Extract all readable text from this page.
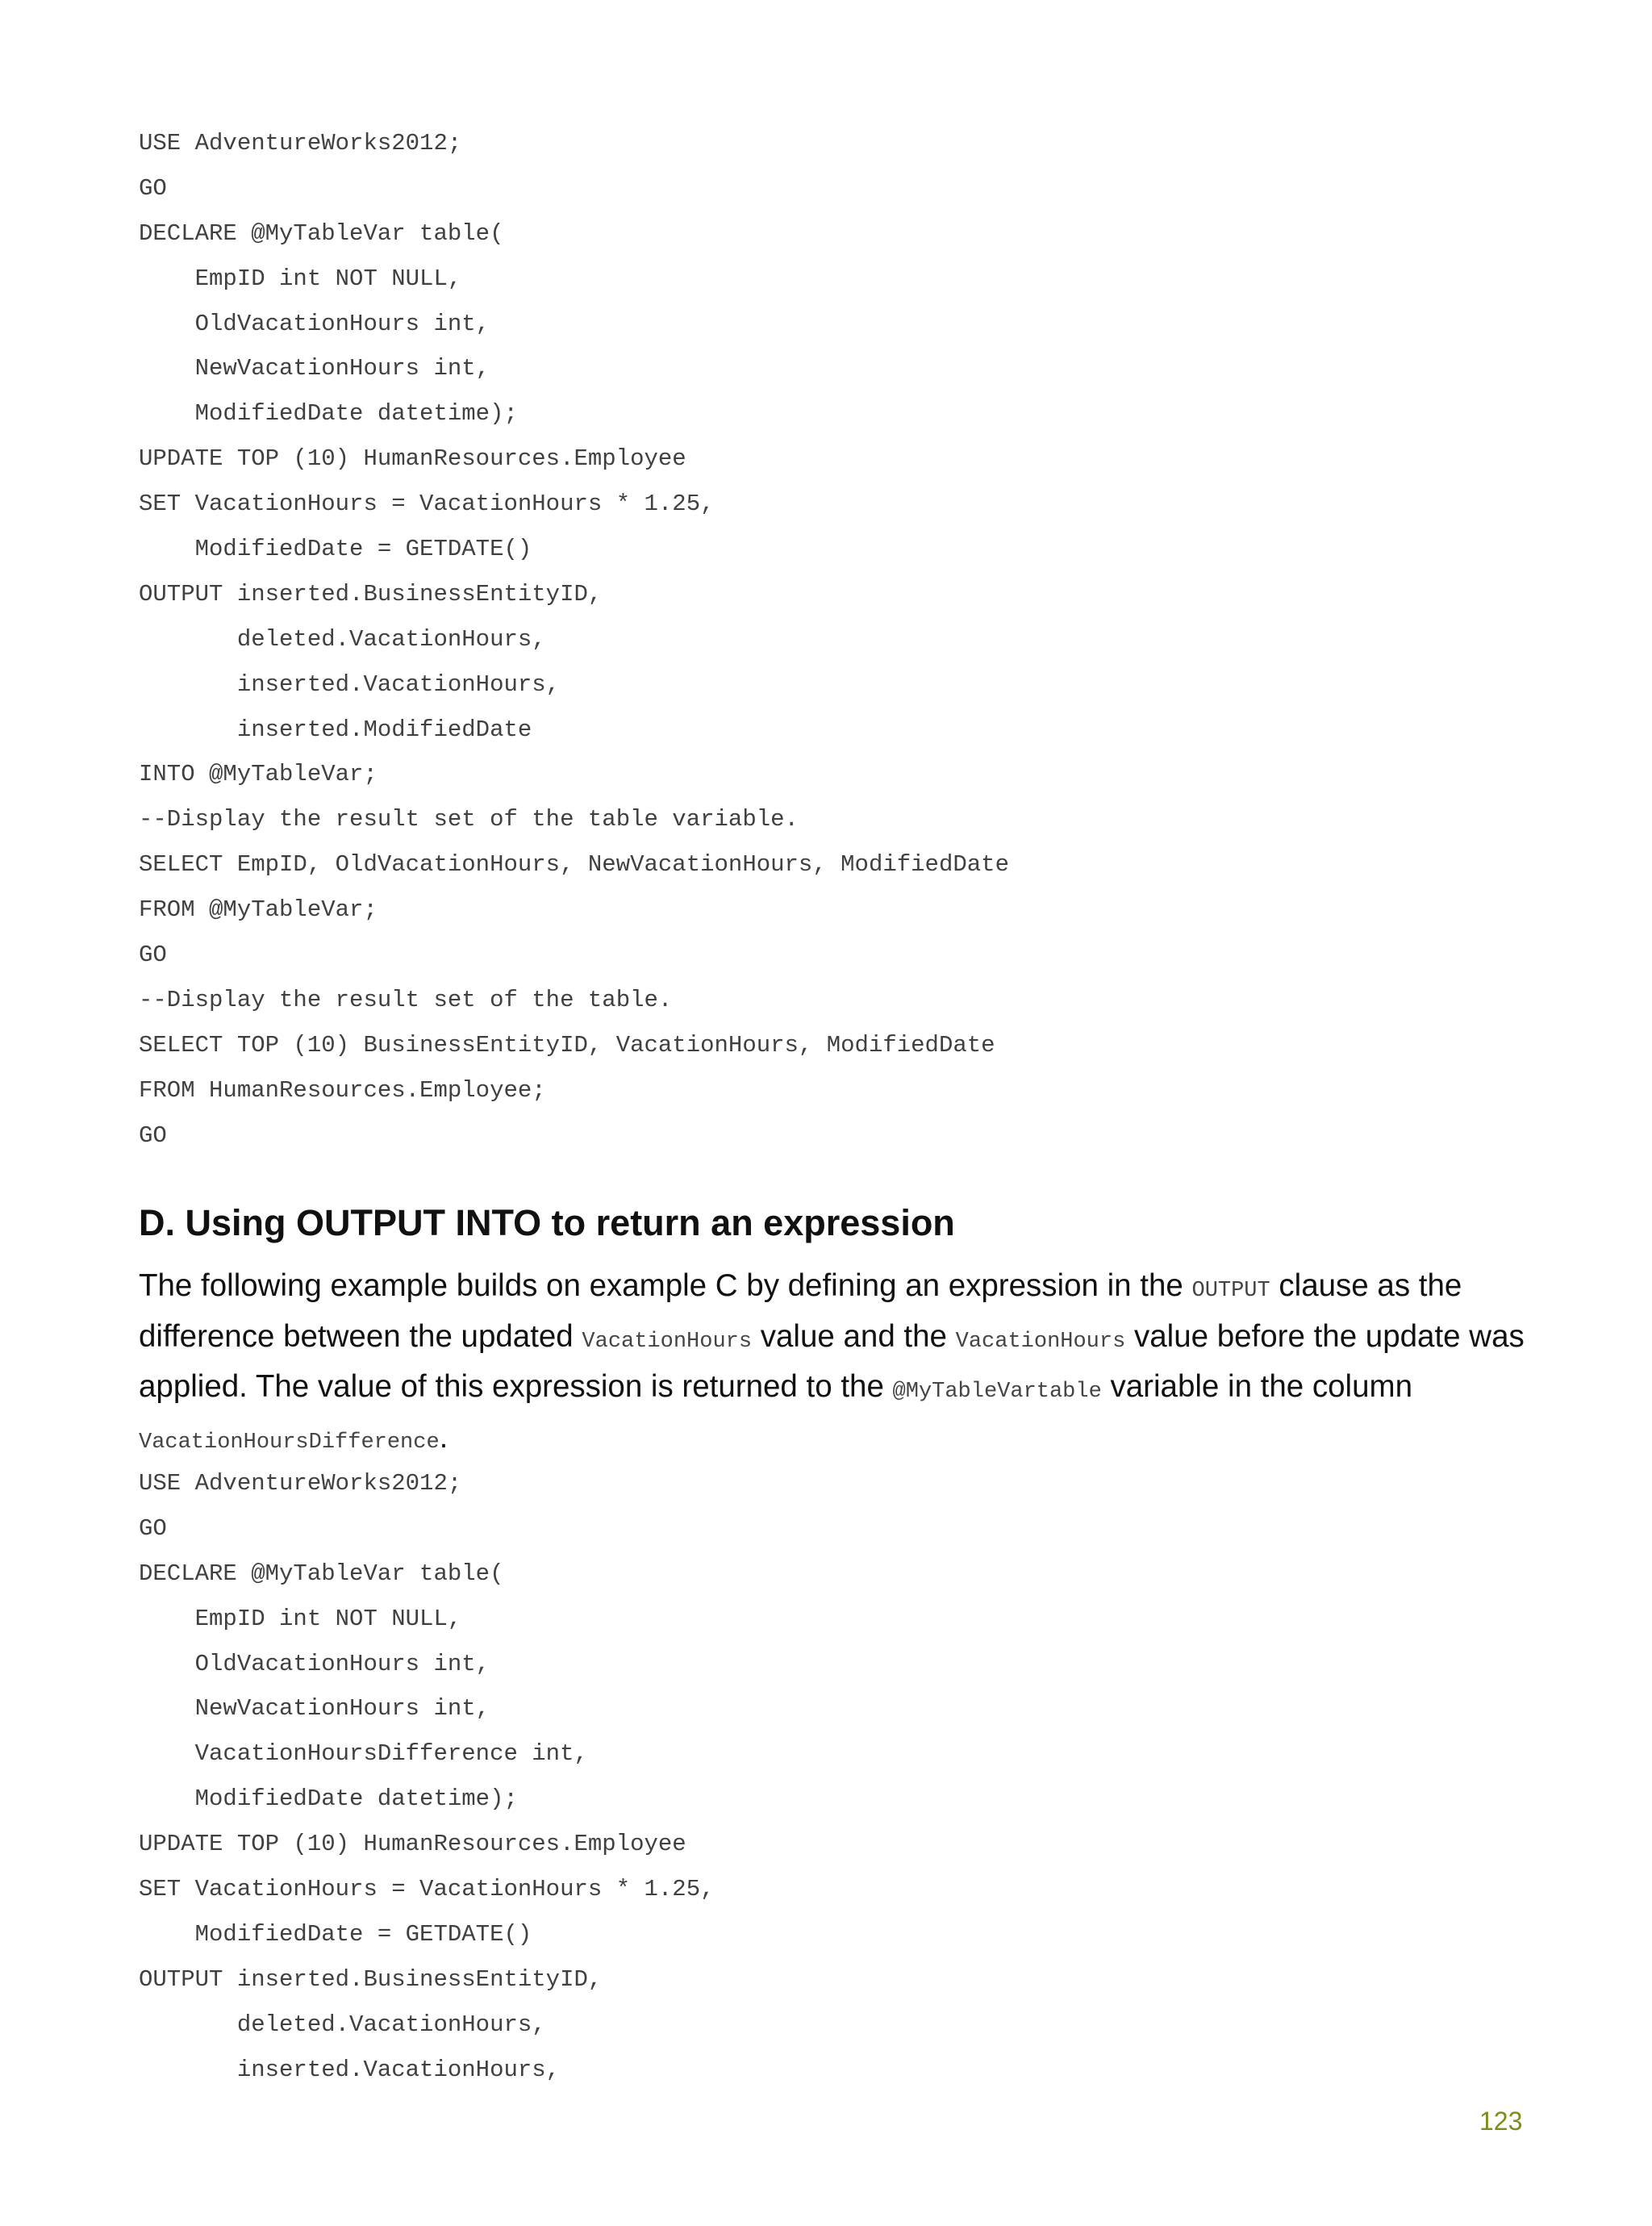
USE AdventureWorks2012;
GO
DECLARE @MyTableVar table(
EmpID int NOT NULL,
OldVacationHours int,
NewVacationHours int,
ModifiedDate datetime);
UPDATE TOP (10) HumanResources.Employee
SET VacationHours = VacationHours * 1.25,
ModifiedDate = GETDATE()
OUTPUT inserted.BusinessEntityID,
deleted.VacationHours,
inserted.VacationHours,
inserted.ModifiedDate
INTO @MyTableVar;
--Display the result set of the table variable.
SELECT EmpID, OldVacationHours, NewVacationHours, ModifiedDate
FROM @MyTableVar;
GO
--Display the result set of the table.
SELECT TOP (10) BusinessEntityID, VacationHours, ModifiedDate
FROM HumanResources.Employee;
GO
D. Using OUTPUT INTO to return an expression
The following example builds on example C by defining an expression in the OUTPUT clause as the difference between the updated VacationHours value and the VacationHours value before the update was applied. The value of this expression is returned to the @MyTableVartable variable in the column VacationHoursDifference.
USE AdventureWorks2012;
GO
DECLARE @MyTableVar table(
EmpID int NOT NULL,
OldVacationHours int,
NewVacationHours int,
VacationHoursDifference int,
ModifiedDate datetime);
UPDATE TOP (10) HumanResources.Employee
SET VacationHours = VacationHours * 1.25,
ModifiedDate = GETDATE()
OUTPUT inserted.BusinessEntityID,
deleted.VacationHours,
inserted.VacationHours,
123
